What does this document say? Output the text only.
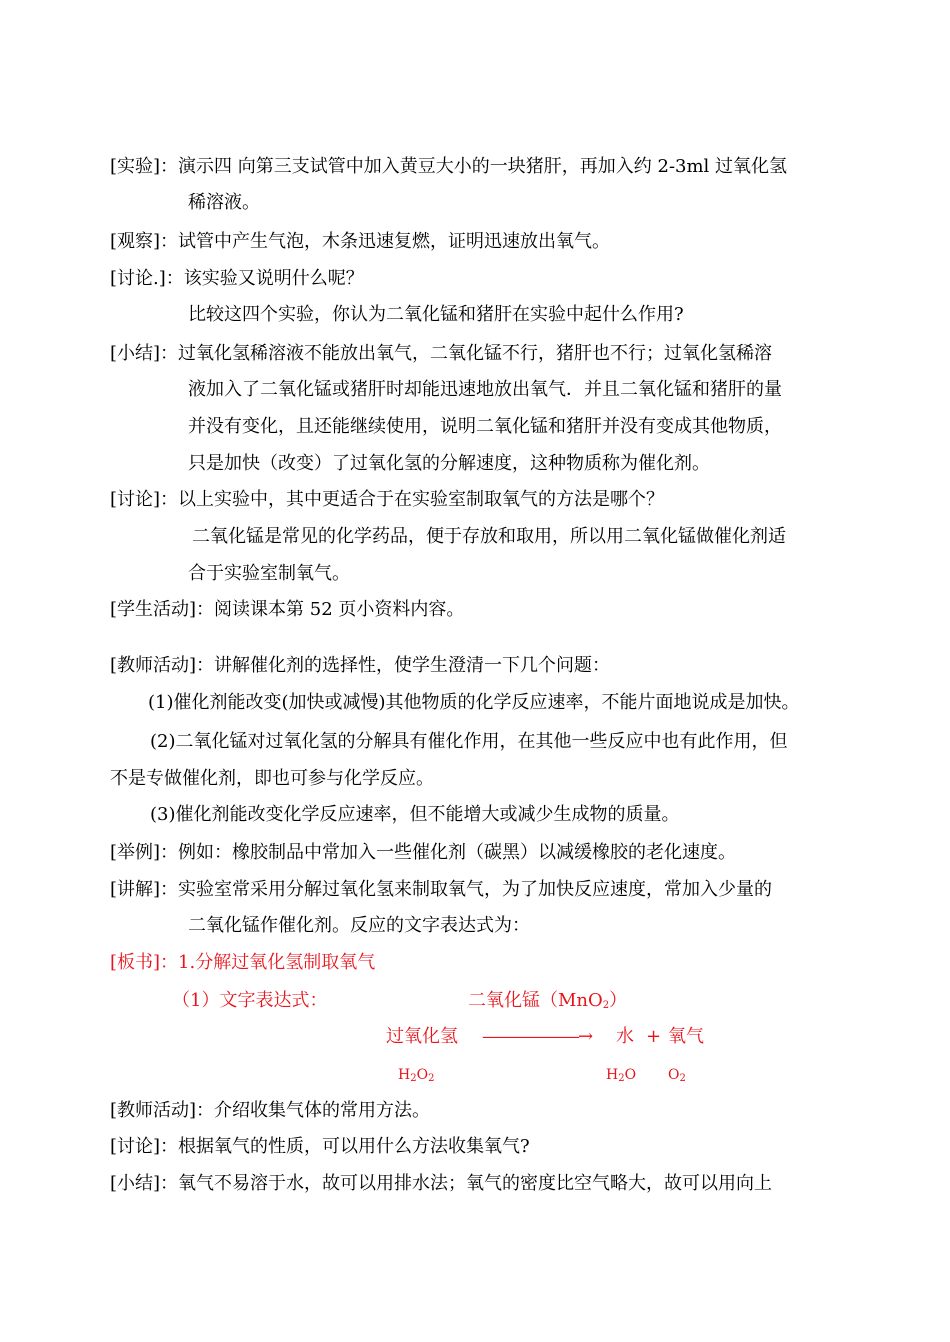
[实验]：演示四 向第三支试管中加入黄豆大小的一块猪肝，再加入约 2-3ml 过氧化氢
稀溶液。
[观察]：试管中产生气泡，木条迅速复燃，证明迅速放出氧气。
[讨论.]：该实验又说明什么呢？
比较这四个实验，你认为二氧化锰和猪肝在实验中起什么作用?
[小结]：过氧化氢稀溶液不能放出氧气，二氧化锰不行，猪肝也不行；过氧化氢稀溶
液加入了二氧化锰或猪肝时却能迅速地放出氧气．并且二氧化锰和猪肝的量
并没有变化，且还能继续使用，说明二氧化锰和猪肝并没有变成其他物质，
只是加快（改变）了过氧化氢的分解速度，这种物质称为催化剂。
[讨论]：以上实验中，其中更适合于在实验室制取氧气的方法是哪个？
二氧化锰是常见的化学药品，便于存放和取用，所以用二氧化锰做催化剂适
合于实验室制氧气。
[学生活动]：阅读课本第 52 页小资料内容。
[教师活动]：讲解催化剂的选择性，使学生澄清一下几个问题：
(1)催化剂能改变(加快或减慢)其他物质的化学反应速率，不能片面地说成是加快。
(2)二氧化锰对过氧化氢的分解具有催化作用，在其他一些反应中也有此作用，但
不是专做催化剂，即也可参与化学反应。
(3)催化剂能改变化学反应速率，但不能增大或减少生成物的质量。
[举例]：例如：橡胶制品中常加入一些催化剂（碳黑）以减缓橡胶的老化速度。
[讲解]：实验室常采用分解过氧化氢来制取氧气，为了加快反应速度，常加入少量的
二氧化锰作催化剂。反应的文字表达式为：
[板书]：1.分解过氧化氢制取氧气
（1）文字表达式：	二氧化锰（MnO$_2$）
过氧化氢 ——————→ 水 + 氧气
$H_2O_2$	$H_2O$ $O_2$
[教师活动]：介绍收集气体的常用方法。
[讨论]：根据氧气的性质，可以用什么方法收集氧气?
[小结]：氧气不易溶于水，故可以用排水法；氧气的密度比空气略大，故可以用向上
